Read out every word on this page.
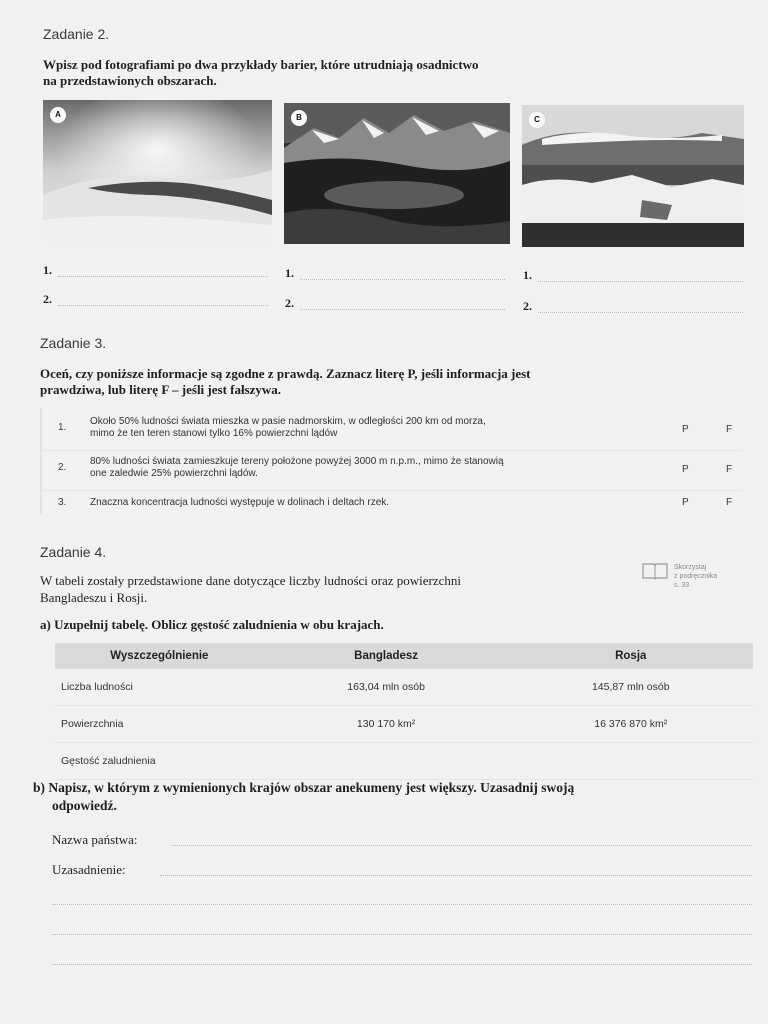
Zadanie 2.
Wpisz pod fotografiami po dwa przykłady barier, które utrudniają osadnictwo
na przedstawionych obszarach.
A	B	C
1.
2.
1.
2.
1.
2.
Zadanie 3.
Oceń, czy poniższe informacje są zgodne z prawdą. Zaznacz literę P, jeśli informacja jest
prawdziwa, lub literę F – jeśli jest fałszywa.
1.
Około 50% ludności świata mieszka w pasie nadmorskim, w odległości 200 km od morza,
mimo że ten teren stanowi tylko 16% powierzchni lądów	P	F
2.
80% ludności świata zamieszkuje tereny położone powyżej 3000 m n.p.m., mimo że stanowią
one zaledwie 25% powierzchni lądów.	P	F
3. Znaczna koncentracja ludności występuje w dolinach i deltach rzek.	P	F
Zadanie 4.
W tabeli zostały przedstawione dane dotyczące liczby ludności oraz powierzchni
Bangladeszu i Rosji.
Skorzystaj
z podręcznika
s. 33
a) Uzupełnij tabelę. Oblicz gęstość zaludnienia w obu krajach.
Wyszczególnienie	Bangladesz	Rosja
Liczba ludności	163,04 mln osób	145,87 mln osób
Powierzchnia	130 170 km²	16 376 870 km²
Gęstość zaludnienia		
b) Napisz, w którym z wymienionych krajów obszar anekumeny jest większy. Uzasadnij swoją
odpowiedź.
Nazwa państwa:
Uzasadnienie:
